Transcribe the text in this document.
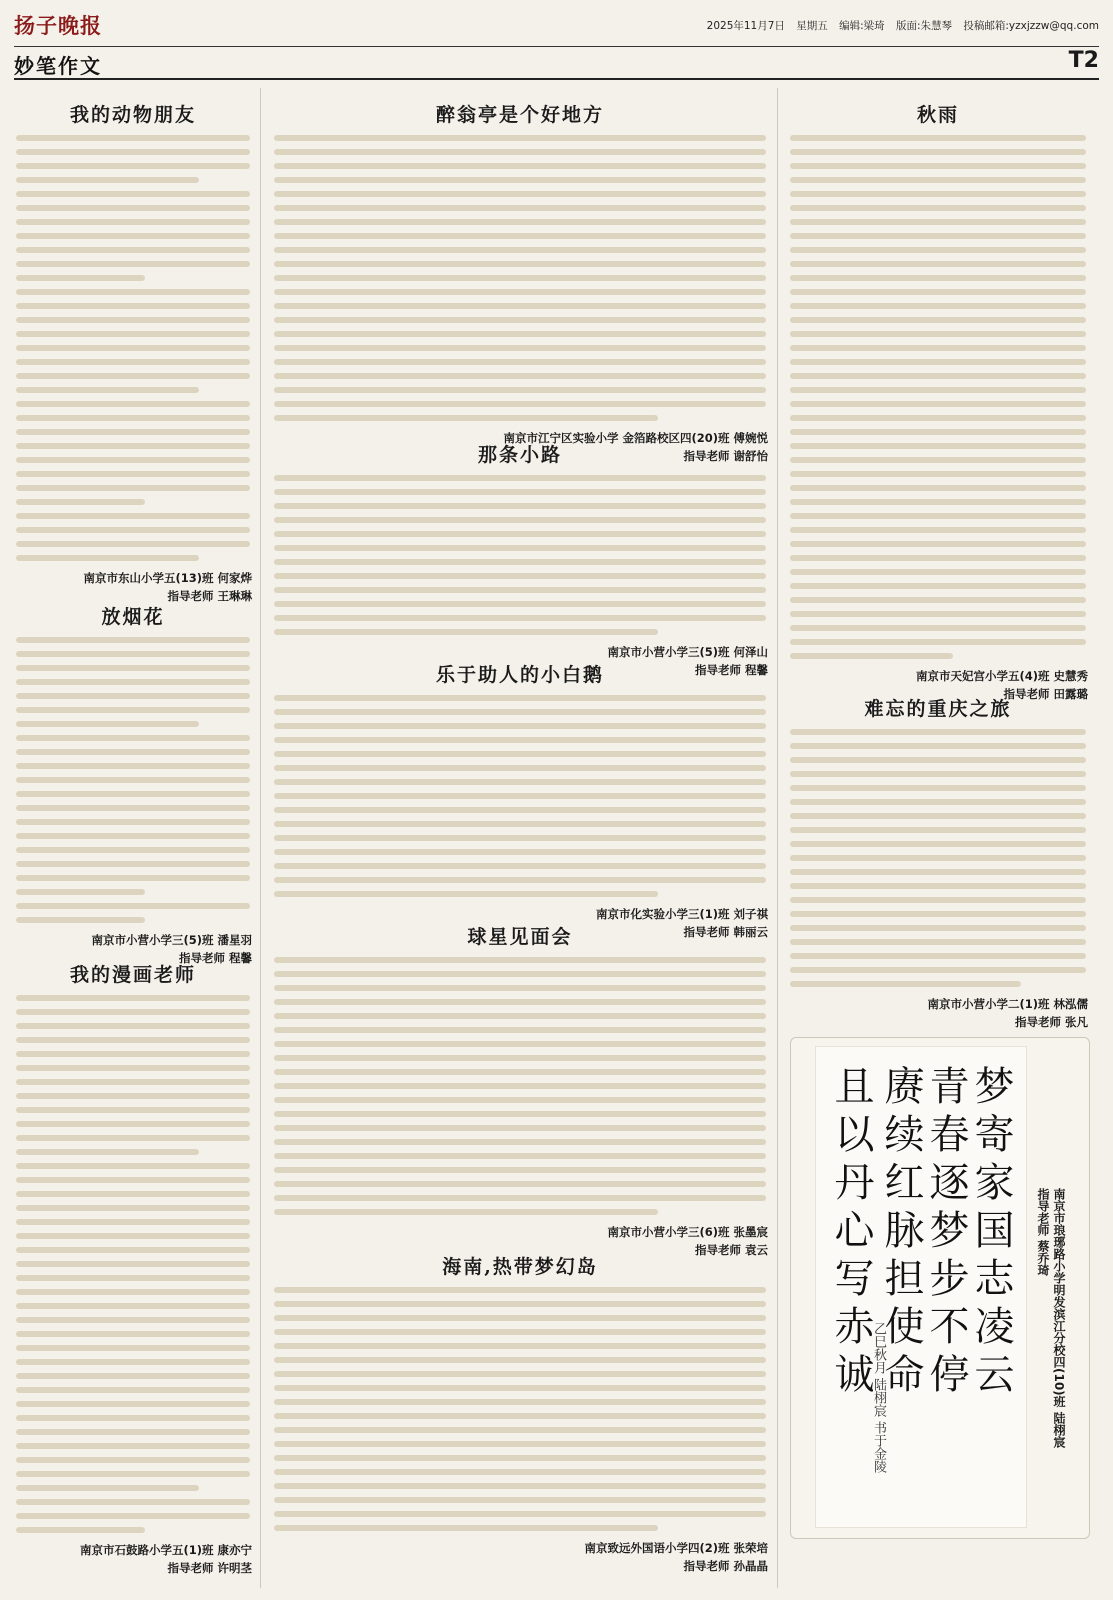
扬子晚报	2025年11月7日 星期五 编辑:梁琦 版面:朱慧琴 投稿邮箱:yzxjzzw@qq.com
妙笔作文	T2
我的动物朋友
南京市东山小学五(13)班 何家烨
指导老师 王琳琳
放烟花
南京市小营小学三(5)班 潘星羽
指导老师 程馨
我的漫画老师
南京市石鼓路小学五(1)班 康亦宁
指导老师 许明茎
醉翁亭是个好地方
南京市江宁区实验小学 金箔路校区四(20)班 傅婉悦
指导老师 谢舒怡
那条小路
南京市小营小学三(5)班 何泽山
指导老师 程馨
乐于助人的小白鹅
南京市化实验小学三(1)班 刘子祺
指导老师 韩丽云
球星见面会
南京市小营小学三(6)班 张墨宸
指导老师 袁云
海南,热带梦幻岛
南京致远外国语小学四(2)班 张荣培
指导老师 孙晶晶
秋雨
南京市天妃宫小学五(4)班 史慧秀
指导老师 田露璐
难忘的重庆之旅
南京市小营小学二(1)班 林泓儒
指导老师 张凡
梦寄家国志凌云
青春逐梦步不停
赓续红脉担使命
且以丹心写赤诚
乙巳秋月 陆栩宸 书于金陵	南京市琅琊路小学明发滨江分校四(10)班 陆栩宸
指导老师 蔡乔琦
